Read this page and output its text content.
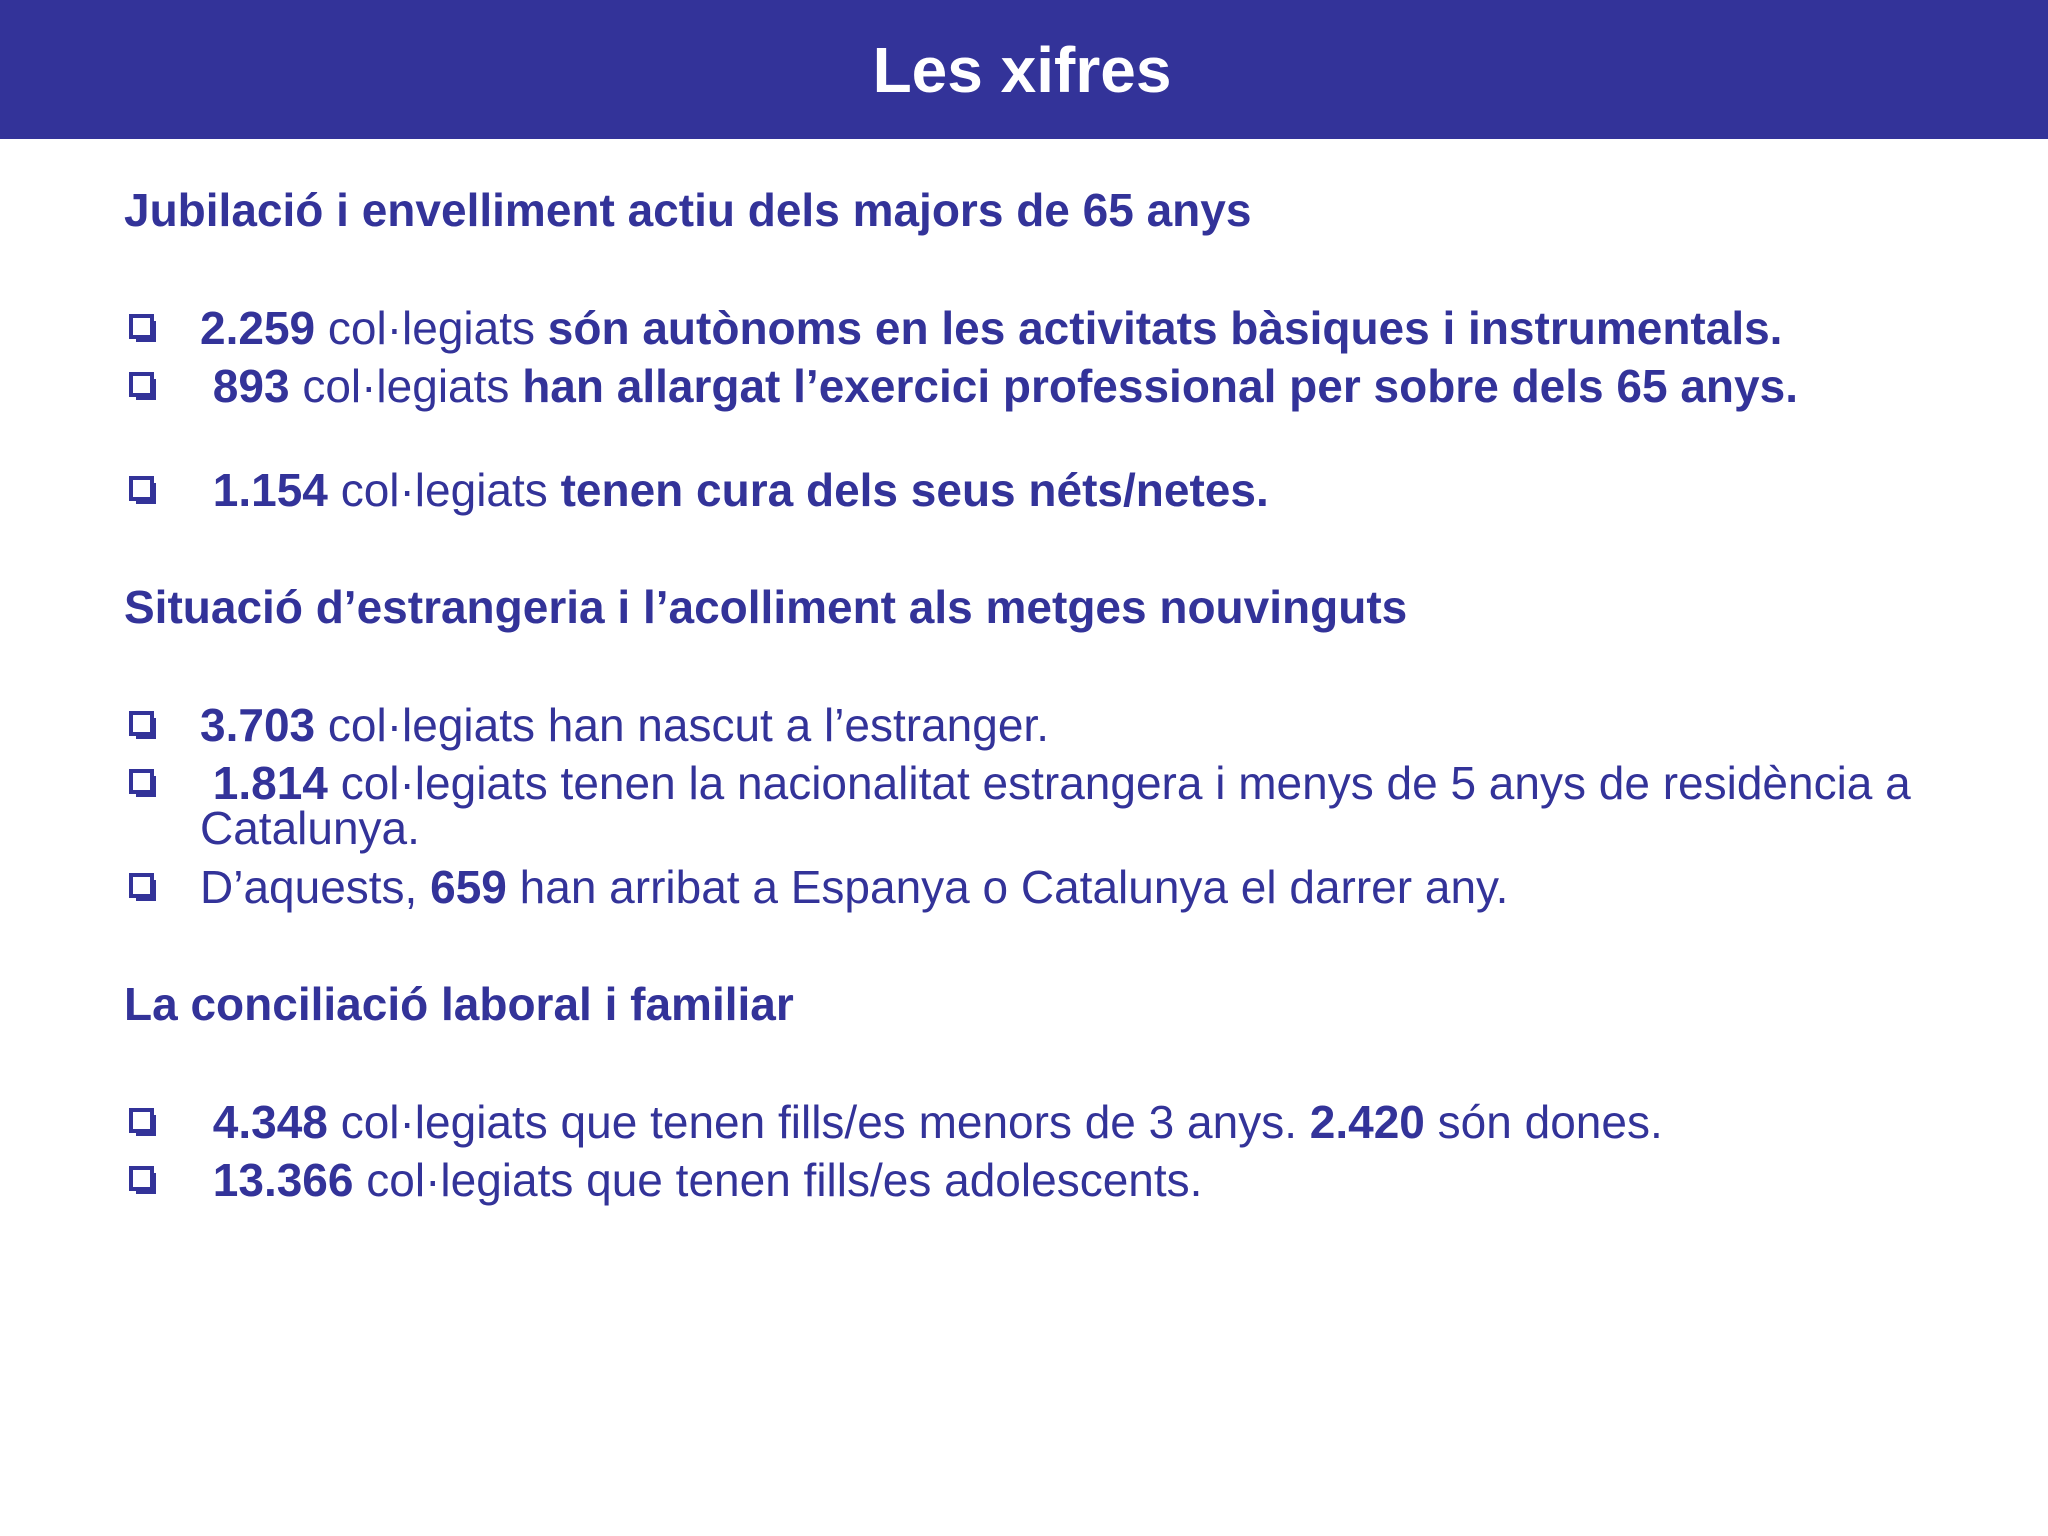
Les xifres
Jubilació i envelliment actiu dels majors de 65 anys
2.259 col·legiats són autònoms en les activitats bàsiques i instrumentals.
893 col·legiats han allargat l’exercici professional per sobre dels 65 anys.
1.154 col·legiats tenen cura dels seus néts/netes.
Situació d’estrangeria i l’acolliment als metges nouvinguts
3.703 col·legiats han nascut a l’estranger.
1.814 col·legiats tenen la nacionalitat estrangera i menys de 5 anys de residència a Catalunya.
D’aquests, 659 han arribat a Espanya o Catalunya el darrer any.
La conciliació laboral i familiar
4.348 col·legiats que tenen fills/es menors de 3 anys. 2.420 són dones.
13.366 col·legiats que tenen fills/es adolescents.
